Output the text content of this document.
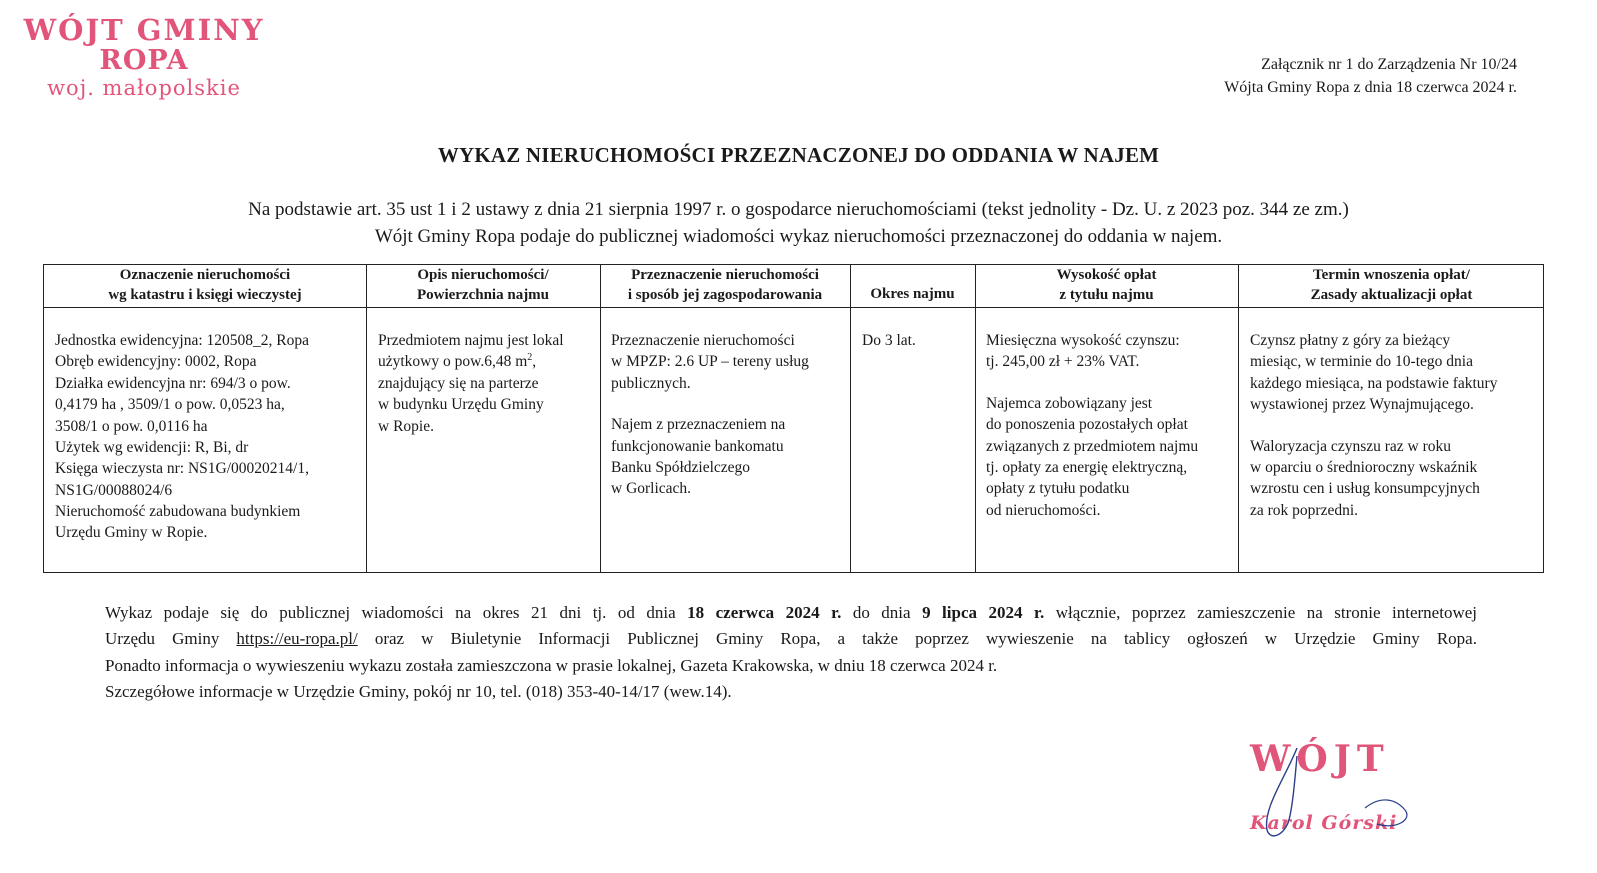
WÓJT GMINY
ROPA
woj. małopolskie
Załącznik nr 1 do Zarządzenia Nr 10/24
Wójta Gminy Ropa z dnia 18 czerwca 2024 r.
WYKAZ NIERUCHOMOŚCI PRZEZNACZONEJ DO ODDANIA W NAJEM
Na podstawie art. 35 ust 1 i 2 ustawy z dnia 21 sierpnia 1997 r. o gospodarce nieruchomościami (tekst jednolity - Dz. U. z 2023 poz. 344 ze zm.)
Wójt Gminy Ropa podaje do publicznej wiadomości wykaz nieruchomości przeznaczonej do oddania w najem.
Oznaczenie nieruchomości
wg katastru i księgi wieczystej
Opis nieruchomości/
Powierzchnia najmu
Przeznaczenie nieruchomości
i sposób jej zagospodarowania	Okres najmu
Wysokość opłat
z tytułu najmu
Termin wnoszenia opłat/
Zasady aktualizacji opłat

Jednostka ewidencyjna: 120508_2, Ropa

Obręb ewidencyjny: 0002, Ropa

Działka ewidencyjna nr: 694/3 o pow.

0,4179 ha , 3509/1 o pow. 0,0523 ha,

3508/1 o pow. 0,0116 ha

Użytek wg ewidencji: R, Bi, dr

Księga wieczysta nr: NS1G/00020214/1,

NS1G/00088024/6

Nieruchomość zabudowana budynkiem

Urzędu Gminy w Ropie.

Przedmiotem najmu jest lokal

użytkowy o pow.6,48 $m^2$,

znajdujący się na parterze

w budynku Urzędu Gminy

w Ropie.

Przeznaczenie nieruchomości

w MPZP: 2.6 UP – tereny usług

publicznych.

Najem z przeznaczeniem na

funkcjonowanie bankomatu

Banku Spółdzielczego

w Gorlicach.

Do 3 lat.	Miesięczna wysokość czynszu:

tj. 245,00 zł + 23% VAT.

Najemca zobowiązany jest

do ponoszenia pozostałych opłat

związanych z przedmiotem najmu

tj. opłaty za energię elektryczną,

opłaty z tytułu podatku

od nieruchomości.

Czynsz płatny z góry za bieżący

miesiąc, w terminie do 10-tego dnia

każdego miesiąca, na podstawie faktury

wystawionej przez Wynajmującego.

Waloryzacja czynszu raz w roku

w oparciu o średnioroczny wskaźnik

wzrostu cen i usług konsumpcyjnych

za rok poprzedni.

Wykaz podaje się do publicznej wiadomości na okres 21 dni tj. od dnia 18 czerwca 2024 r. do dnia 9 lipca 2024 r. włącznie, poprzez zamieszczenie na stronie internetowej
Urzędu Gminy https://eu-ropa.pl/ oraz w Biuletynie Informacji Publicznej Gminy Ropa, a także poprzez wywieszenie na tablicy ogłoszeń w Urzędzie Gminy Ropa.
Ponadto informacja o wywieszeniu wykazu została zamieszczona w prasie lokalnej, Gazeta Krakowska, w dniu 18 czerwca 2024 r.
Szczegółowe informacje w Urzędzie Gminy, pokój nr 10, tel. (018) 353-40-14/17 (wew.14).
WÓJT
Karol Górski
